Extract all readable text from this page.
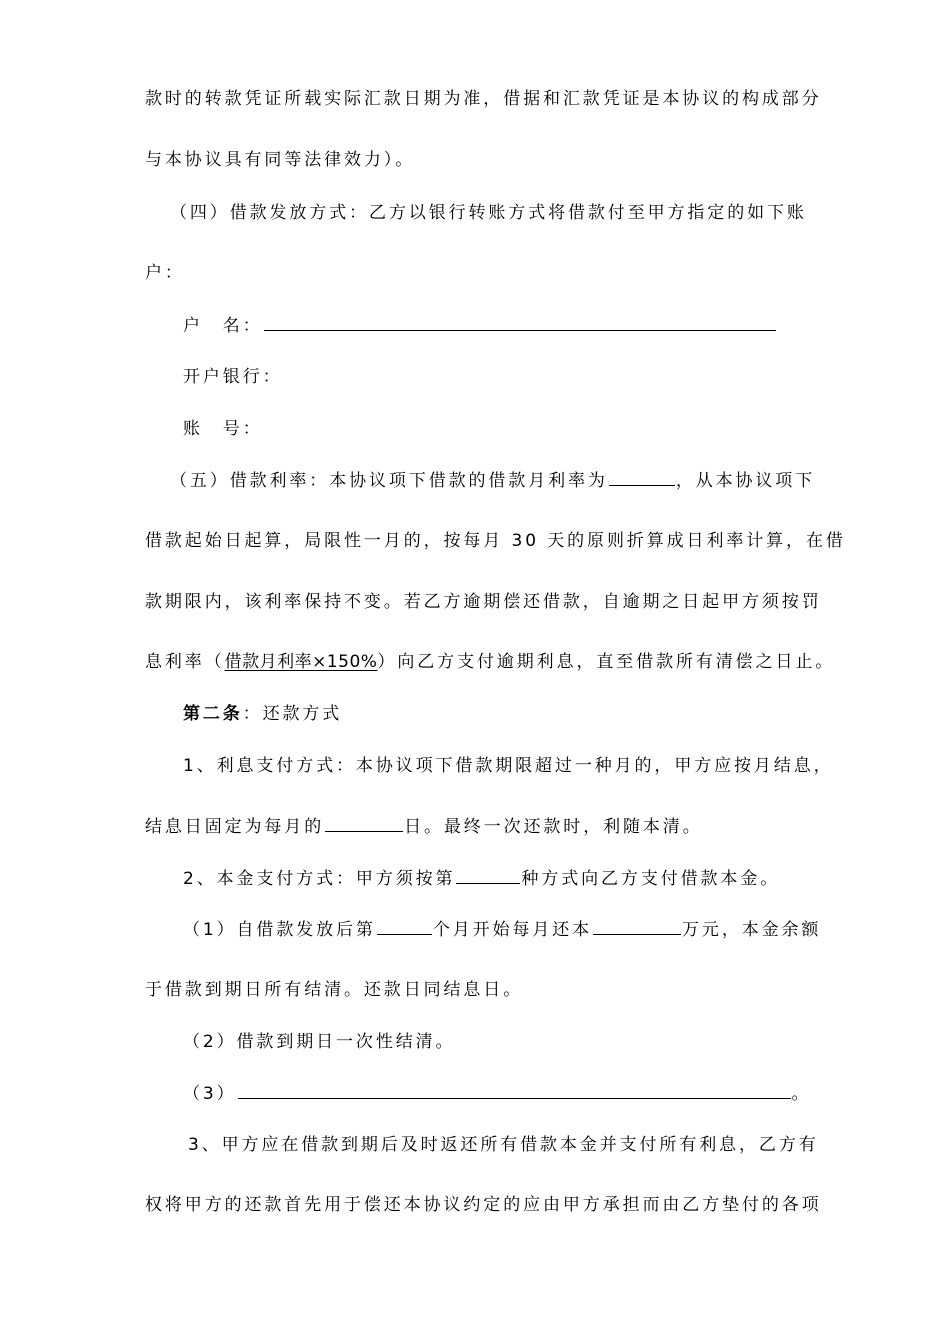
款时的转款凭证所载实际汇款日期为准，借据和汇款凭证是本协议的构成部分
与本协议具有同等法律效力）。
（四）借款发放方式：乙方以银行转账方式将借款付至甲方指定的如下账
户：
户　名：
开户银行：
账　号：
（五）借款利率：本协议项下借款的借款月利率为	，从本协议项下
借款起始日起算，局限性一月的，按每月 30 天的原则折算成日利率计算，在借
款期限内，该利率保持不变。若乙方逾期偿还借款，自逾期之日起甲方须按罚
息利率（借款月利率×150%）向乙方支付逾期利息，直至借款所有清偿之日止。
第二条：还款方式
1、利息支付方式：本协议项下借款期限超过一种月的，甲方应按月结息，
结息日固定为每月的	日。最终一次还款时，利随本清。
2、本金支付方式：甲方须按第	种方式向乙方支付借款本金。
（1）自借款发放后第	个月开始每月还本	万元，本金余额
于借款到期日所有结清。还款日同结息日。
（2）借款到期日一次性结清。
（3）	。
3、甲方应在借款到期后及时返还所有借款本金并支付所有利息，乙方有
权将甲方的还款首先用于偿还本协议约定的应由甲方承担而由乙方垫付的各项
